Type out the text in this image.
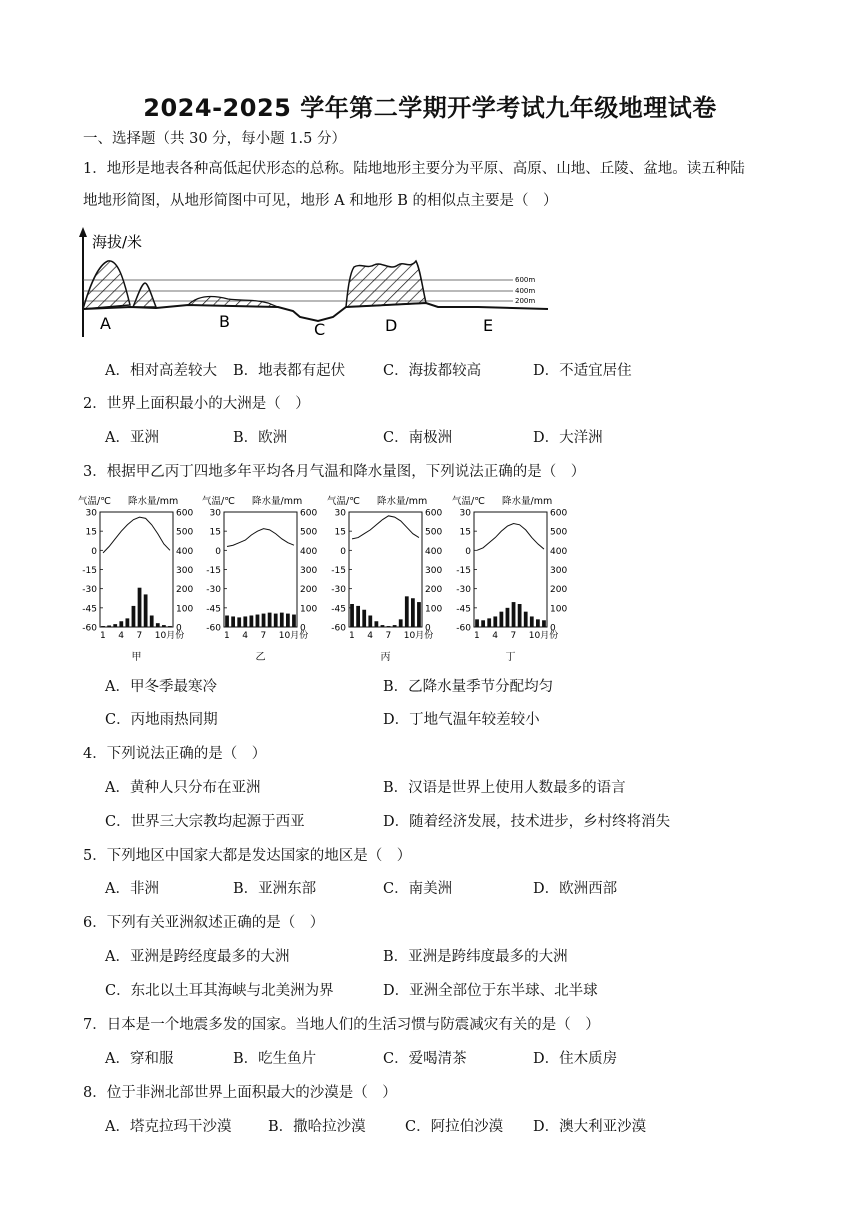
2024-2025 学年第二学期开学考试九年级地理试卷
一、选择题（共 30 分，每小题 1.5 分）
1．地形是地表各种高低起伏形态的总称。陆地地形主要分为平原、高原、山地、丘陵、盆地。读五种陆
地地形简图，从地形简图中可见，地形 A 和地形 B 的相似点主要是（　）
海拔/米
600m
400m
200m
A	B	C	D	E
A．相对高差较大 B．地表都有起伏	C．海拔都较高	D．不适宜居住
2．世界上面积最小的大洲是（　）
A．亚洲	B．欧洲	C．南极洲	D．大洋洲
3．根据甲乙丙丁四地多年平均各月气温和降水量图，下列说法正确的是（　）
气温/℃ 降水量/mm
30	600
15	500
0	400
-15	300
-30	200
-45	100
-60	0
1 4 7 10月份
甲
气温/℃ 降水量/mm
30	600
15	500
0	400
-15	300
-30	200
-45	100
-60	0
1 4 7 10月份
乙
气温/℃ 降水量/mm
30	600
15	500
0	400
-15	300
-30	200
-45	100
-60	0
1 4 7 10月份
丙
气温/℃ 降水量/mm
30	600
15	500
0	400
-15	300
-30	200
-45	100
-60	0
1 4 7 10月份
丁
A．甲冬季最寒冷	B．乙降水量季节分配均匀
C．丙地雨热同期	D．丁地气温年较差较小
4．下列说法正确的是（　）
A．黄种人只分布在亚洲	B．汉语是世界上使用人数最多的语言
C．世界三大宗教均起源于西亚	D．随着经济发展，技术进步，乡村终将消失
5．下列地区中国家大都是发达国家的地区是（　）
A．非洲	B．亚洲东部	C．南美洲	D．欧洲西部
6．下列有关亚洲叙述正确的是（　）
A．亚洲是跨经度最多的大洲	B．亚洲是跨纬度最多的大洲
C．东北以土耳其海峡与北美洲为界	D．亚洲全部位于东半球、北半球
7．日本是一个地震多发的国家。当地人们的生活习惯与防震减灾有关的是（　）
A．穿和服	B．吃生鱼片	C．爱喝清茶	D．住木质房
8．位于非洲北部世界上面积最大的沙漠是（　）
A．塔克拉玛干沙漠	B．撒哈拉沙漠	C．阿拉伯沙漠 D．澳大利亚沙漠
